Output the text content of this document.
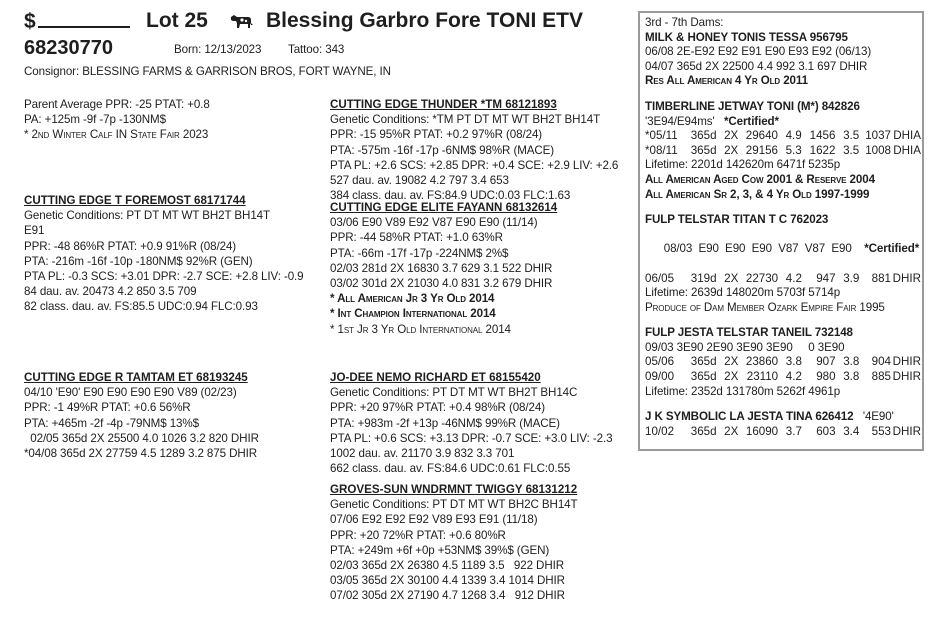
$	Lot 25	Blessing Garbro Fore TONI ETV
68230770	Born: 12/13/2023 Tattoo: 343
Consignor: BLESSING FARMS & GARRISON BROS, FORT WAYNE, IN
Parent Average PPR: -25 PTAT: +0.8
PA: +125m -9f -7p -130NM$
* 2nd Winter Calf IN State Fair 2023
CUTTING EDGE T FOREMOST 68171744
Genetic Conditions: PT DT MT WT BH2T BH14T
E91
PPR: -48 86%R PTAT: +0.9 91%R (08/24)
PTA: -216m -16f -10p -180NM$ 92%R (GEN)
PTA PL: -0.3 SCS: +3.01 DPR: -2.7 SCE: +2.8 LIV: -0.9
84 dau. av. 20473 4.2 850 3.5 709
82 class. dau. av. FS:85.5 UDC:0.94 FLC:0.93
CUTTING EDGE R TAMTAM ET 68193245
04/10 'E90' E90 E90 E90 E90 V89 (02/23)
PPR: -1 49%R PTAT: +0.6 56%R
PTA: +465m -2f -4p -79NM$ 13%$
02/05 365d 2X 25500 4.0 1026 3.2 820 DHIR
*04/08 365d 2X 27759 4.5 1289 3.2 875 DHIR
CUTTING EDGE THUNDER *TM 68121893
Genetic Conditions: *TM PT DT MT WT BH2T BH14T
PPR: -15 95%R PTAT: +0.2 97%R (08/24)
PTA: -575m -16f -17p -6NM$ 98%R (MACE)
PTA PL: +2.6 SCS: +2.85 DPR: +0.4 SCE: +2.9 LIV: +2.6
527 dau. av. 19082 4.2 797 3.4 653
384 class. dau. av. FS:84.9 UDC:0.03 FLC:1.63
CUTTING EDGE ELITE FAYANN 68132614
03/06 E90 V89 E92 V87 E90 E90 (11/14)
PPR: -44 58%R PTAT: +1.0 63%R
PTA: -66m -17f -17p -224NM$ 2%$
02/03 281d 2X 16830 3.7 629 3.1 522 DHIR
03/02 301d 2X 21030 4.0 831 3.2 679 DHIR
* All American Jr 3 Yr Old 2014
* Int Champion International 2014
* 1st Jr 3 Yr Old International 2014
JO-DEE NEMO RICHARD ET 68155420
Genetic Conditions: PT DT MT WT BH2T BH14C
PPR: +20 97%R PTAT: +0.4 98%R (08/24)
PTA: +983m -2f +13p -46NM$ 99%R (MACE)
PTA PL: +0.6 SCS: +3.13 DPR: -0.7 SCE: +3.0 LIV: -2.3
1002 dau. av. 21170 3.9 832 3.3 701
662 class. dau. av. FS:84.6 UDC:0.61 FLC:0.55
GROVES-SUN WNDRMNT TWIGGY 68131212
Genetic Conditions: PT DT MT WT BH2C BH14T
07/06 E92 E92 E92 V89 E93 E91 (11/18)
PPR: +20 72%R PTAT: +0.6 80%R
PTA: +249m +6f +0p +53NM$ 39%$ (GEN)
02/03 365d 2X 26380 4.5 1189 3.5   922 DHIR
03/05 365d 2X 30100 4.4 1339 3.4 1014 DHIR
07/02 305d 2X 27190 4.7 1268 3.4   912 DHIR
3rd - 7th Dams:
MILK & HONEY TONIS TESSA 956795
06/08 2E-E92 E92 E91 E90 E93 E92 (06/13)
04/07 365d 2X 22500 4.4 992 3.1 697 DHIR
Res All American 4 Yr Old 2011
TIMBERLINE JETWAY TONI (M*) 842826
'3E94/E94ms' *Certified*
*05/11	365d	2X	29640	4.9	1456	3.5	1037	DHIA
*08/11	365d	2X	29156	5.3	1622	3.5	1008	DHIA
Lifetime: 2201d 142620m 6471f 5235p
All American Aged Cow 2001 & Reserve 2004
All American Sr 2, 3, & 4 Yr Old 1997-1999
FULP TELSTAR TITAN T C 762023

08/03  E90  E90  E90  V87  V87  E90 *Certified*

06/05	319d	2X	22730	4.2	947	3.9	881	DHIR
Lifetime: 2639d 148020m 5703f 5714p
Produce of Dam Member Ozark Empire Fair 1995
FULP JESTA TELSTAR TANEIL 732148
09/03 3E90 2E90 3E90 3E90     0 3E90
05/06	365d	2X	23860	3.8	907	3.8	904	DHIR
09/00	365d	2X	23110	4.2	980	3.8	885	DHIR
Lifetime: 2352d 131780m 5262f 4961p
J K SYMBOLIC LA JESTA TINA 626412 '4E90'
10/02	365d	2X	16090	3.7	603	3.4	553	DHIR
